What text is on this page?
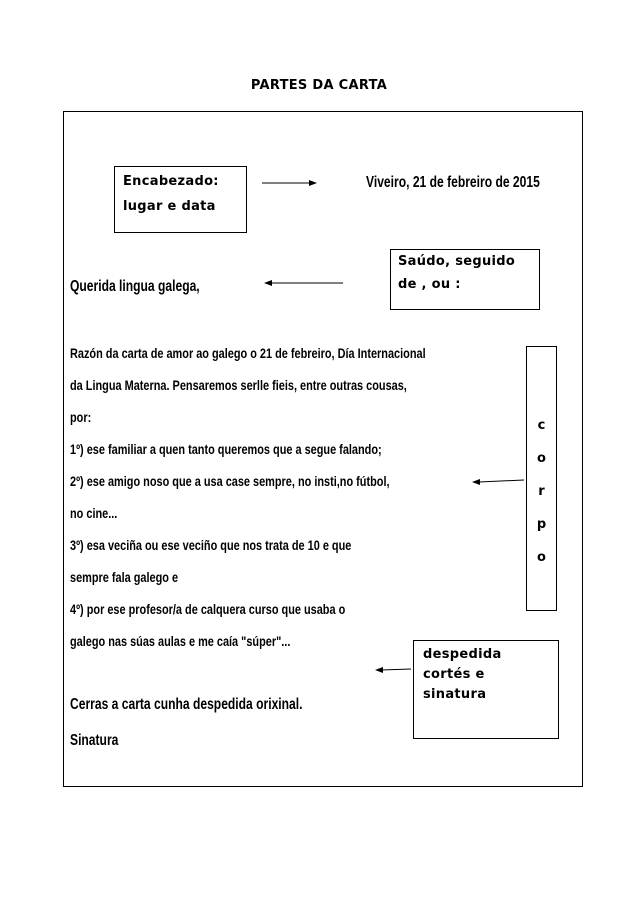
PARTES DA CARTA
Encabezado:
lugar e data
Viveiro, 21 de febreiro de 2015
Saúdo, seguido
de , ou :
Querida lingua galega,
Razón da carta de amor ao galego o 21 de febreiro, Día Internacional
da Lingua Materna. Pensaremos serlle fieis, entre outras cousas,
por:
1º) ese familiar a quen tanto queremos que a segue falando;
2º) ese amigo noso que a usa case sempre, no insti,no fútbol,
no cine...
3º) esa veciña ou ese veciño que nos trata de 10 e que
sempre fala galego e
4º) por ese profesor/a de calquera curso que usaba o
galego nas súas aulas e me caía "súper"...
c
o
r
p
o
despedida
cortés e
sinatura
Cerras a carta cunha despedida orixinal.
Sinatura
